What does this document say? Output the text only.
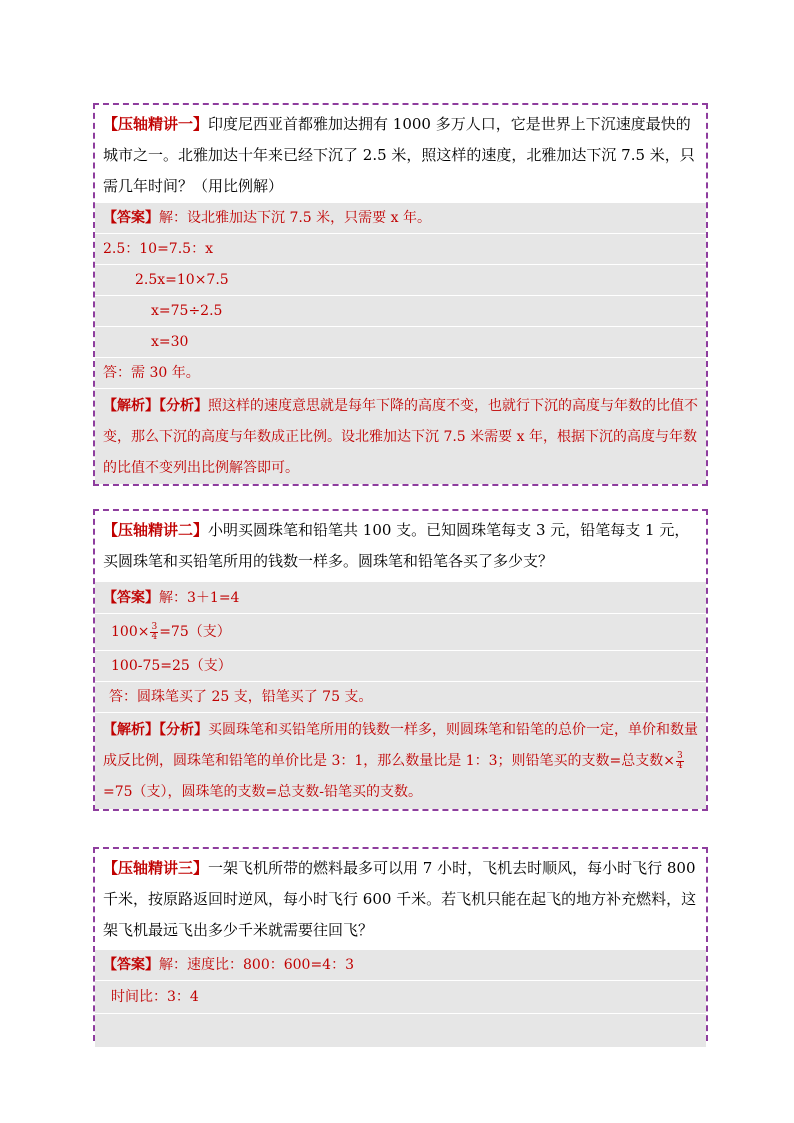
【压轴精讲一】印度尼西亚首都雅加达拥有 1000 多万人口，它是世界上下沉速度最快的城市之一。北雅加达十年来已经下沉了 2.5 米，照这样的速度，北雅加达下沉 7.5 米，只需几年时间？（用比例解）
【答案】解：设北雅加达下沉 7.5 米，只需要 x 年。
2.5：10=7.5：x
2.5x=10×7.5
x=75÷2.5
x=30
答：需 30 年。
【解析】【分析】照这样的速度意思就是每年下降的高度不变，也就行下沉的高度与年数的比值不变，那么下沉的高度与年数成正比例。设北雅加达下沉 7.5 米需要 x 年，根据下沉的高度与年数的比值不变列出比例解答即可。
【压轴精讲二】小明买圆珠笔和铅笔共 100 支。已知圆珠笔每支 3 元，铅笔每支 1 元，买圆珠笔和买铅笔所用的钱数一样多。圆珠笔和铅笔各买了多少支？
【答案】解：3＋1=4
$100\times \frac{3}{4} =75$（支）
100-75=25（支）
答：圆珠笔买了 25 支，铅笔买了 75 支。
【解析】【分析】买圆珠笔和买铅笔所用的钱数一样多，则圆珠笔和铅笔的总价一定，单价和数量成反比例，圆珠笔和铅笔的单价比是 3：1，那么数量比是 1：3；则铅笔买的支数=总支数× $\frac{3}{4}$
=75（支），圆珠笔的支数=总支数-铅笔买的支数。
【压轴精讲三】一架飞机所带的燃料最多可以用 7 小时，飞机去时顺风，每小时飞行 800 千米，按原路返回时逆风，每小时飞行 600 千米。若飞机只能在起飞的地方补充燃料，这架飞机最远飞出多少千米就需要往回飞？
【答案】解：速度比：800：600=4：3
时间比：3：4
